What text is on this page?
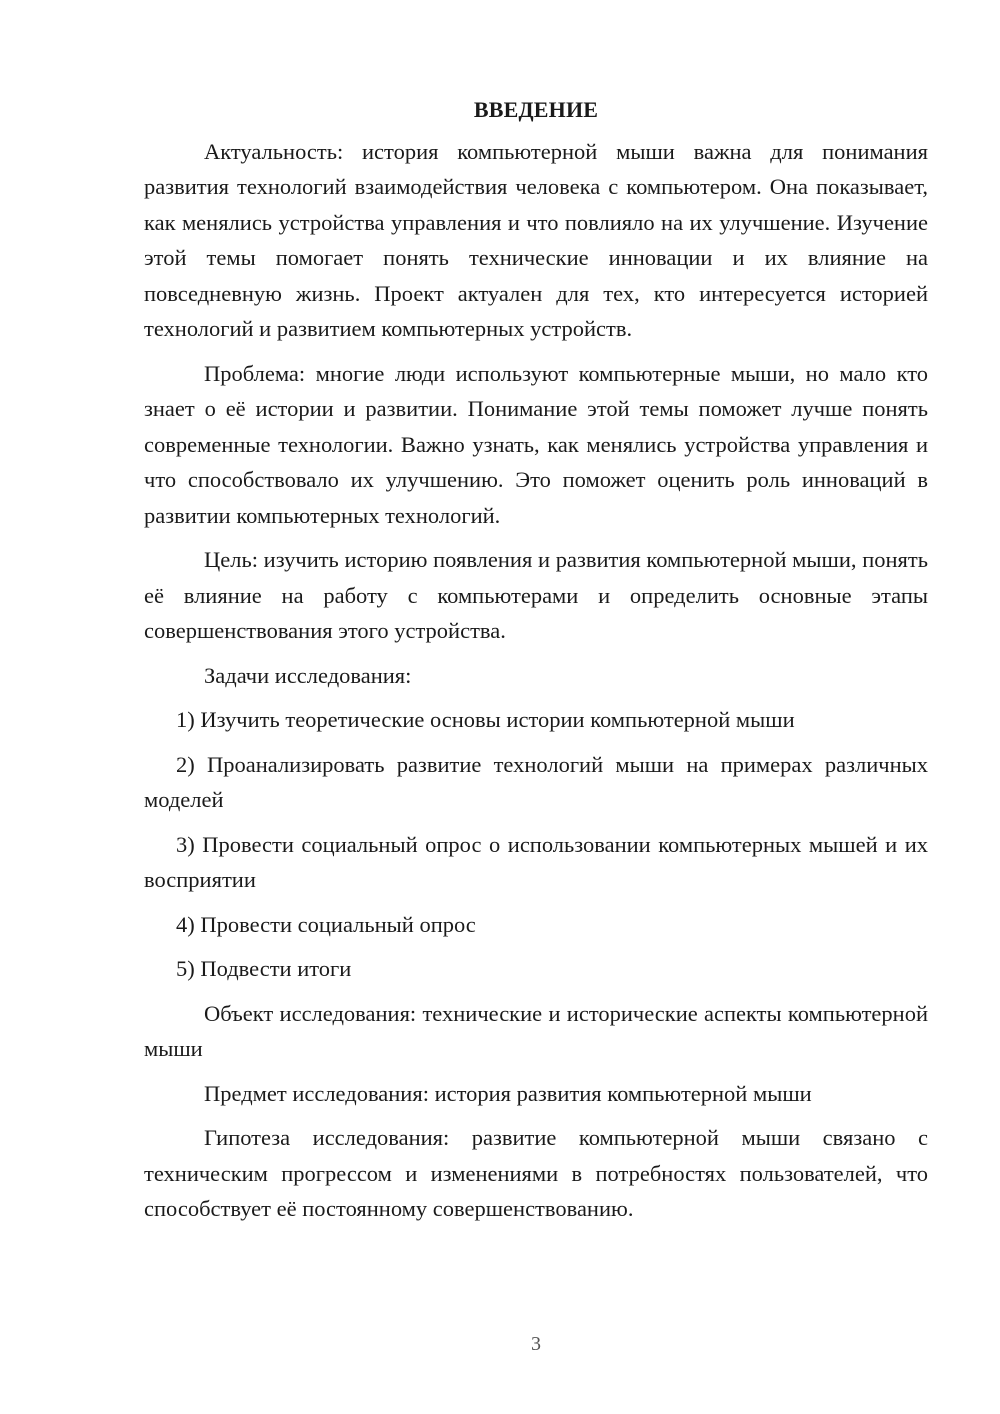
ВВЕДЕНИЕ

Актуальность: история компьютерной мыши важна для понимания развития технологий взаимодействия человека с компьютером. Она показывает, как менялись устройства управления и что повлияло на их улучшение. Изучение этой темы помогает понять технические инновации и их влияние на повседневную жизнь. Проект актуален для тех, кто интересуется историей технологий и развитием компьютерных устройств.

Проблема: многие люди используют компьютерные мыши, но мало кто знает о её истории и развитии. Понимание этой темы поможет лучше понять современные технологии. Важно узнать, как менялись устройства управления и что способствовало их улучшению. Это поможет оценить роль инноваций в развитии компьютерных технологий.

Цель: изучить историю появления и развития компьютерной мыши, понять её влияние на работу с компьютерами и определить основные этапы совершенствования этого устройства.

Задачи исследования:

1) Изучить теоретические основы истории компьютерной мыши

2) Проанализировать развитие технологий мыши на примерах различных моделей

3) Провести социальный опрос о использовании компьютерных мышей и их восприятии

4) Провести социальный опрос

5) Подвести итоги

Объект исследования: технические и исторические аспекты компьютерной мыши

Предмет исследования: история развития компьютерной мыши

Гипотеза исследования: развитие компьютерной мыши связано с техническим прогрессом и изменениями в потребностях пользователей, что способствует её постоянному совершенствованию.

3
